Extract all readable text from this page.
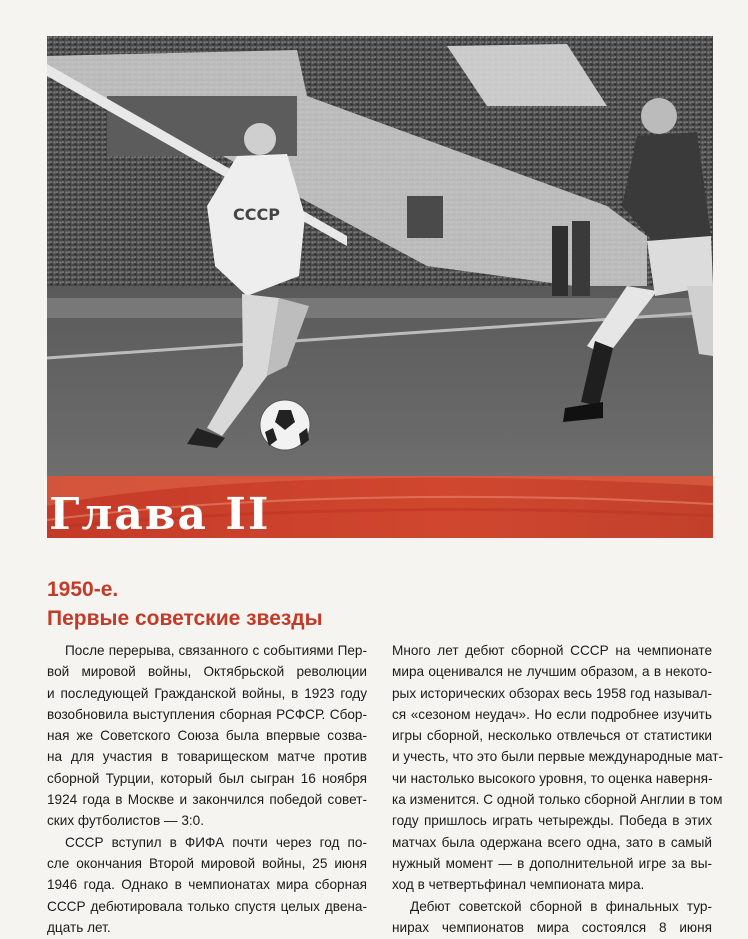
СССР
Глава II
1950-е.
Первые советские звезды
После перерыва, связанного с событиями Пер-
вой мировой войны, Октябрьской революции
и последующей Гражданской войны, в 1923 году
возобновила выступления сборная РСФСР. Сбор-
ная же Советского Союза была впервые созва-
на для участия в товарищеском матче против
сборной Турции, который был сыгран 16 ноября
1924 года в Москве и закончился победой совет-
ских футболистов — 3:0.
СССР вступил в ФИФА почти через год по-
сле окончания Второй мировой войны, 25 июня
1946 года. Однако в чемпионатах мира сборная
СССР дебютировала только спустя целых двена-
дцать лет.
Много лет дебют сборной СССР на чемпионате
мира оценивался не лучшим образом, а в некото-
рых исторических обзорах весь 1958 год называл-
ся «сезоном неудач». Но если подробнее изучить
игры сборной, несколько отвлечься от статистики
и учесть, что это были первые международные мат-
чи настолько высокого уровня, то оценка наверня-
ка изменится. С одной только сборной Англии в том
году пришлось играть четырежды. Победа в этих
матчах была одержана всего одна, зато в самый
нужный момент — в дополнительной игре за вы-
ход в четвертьфинал чемпионата мира.
Дебют советской сборной в финальных тур-
нирах чемпионатов мира состоялся 8 июня
